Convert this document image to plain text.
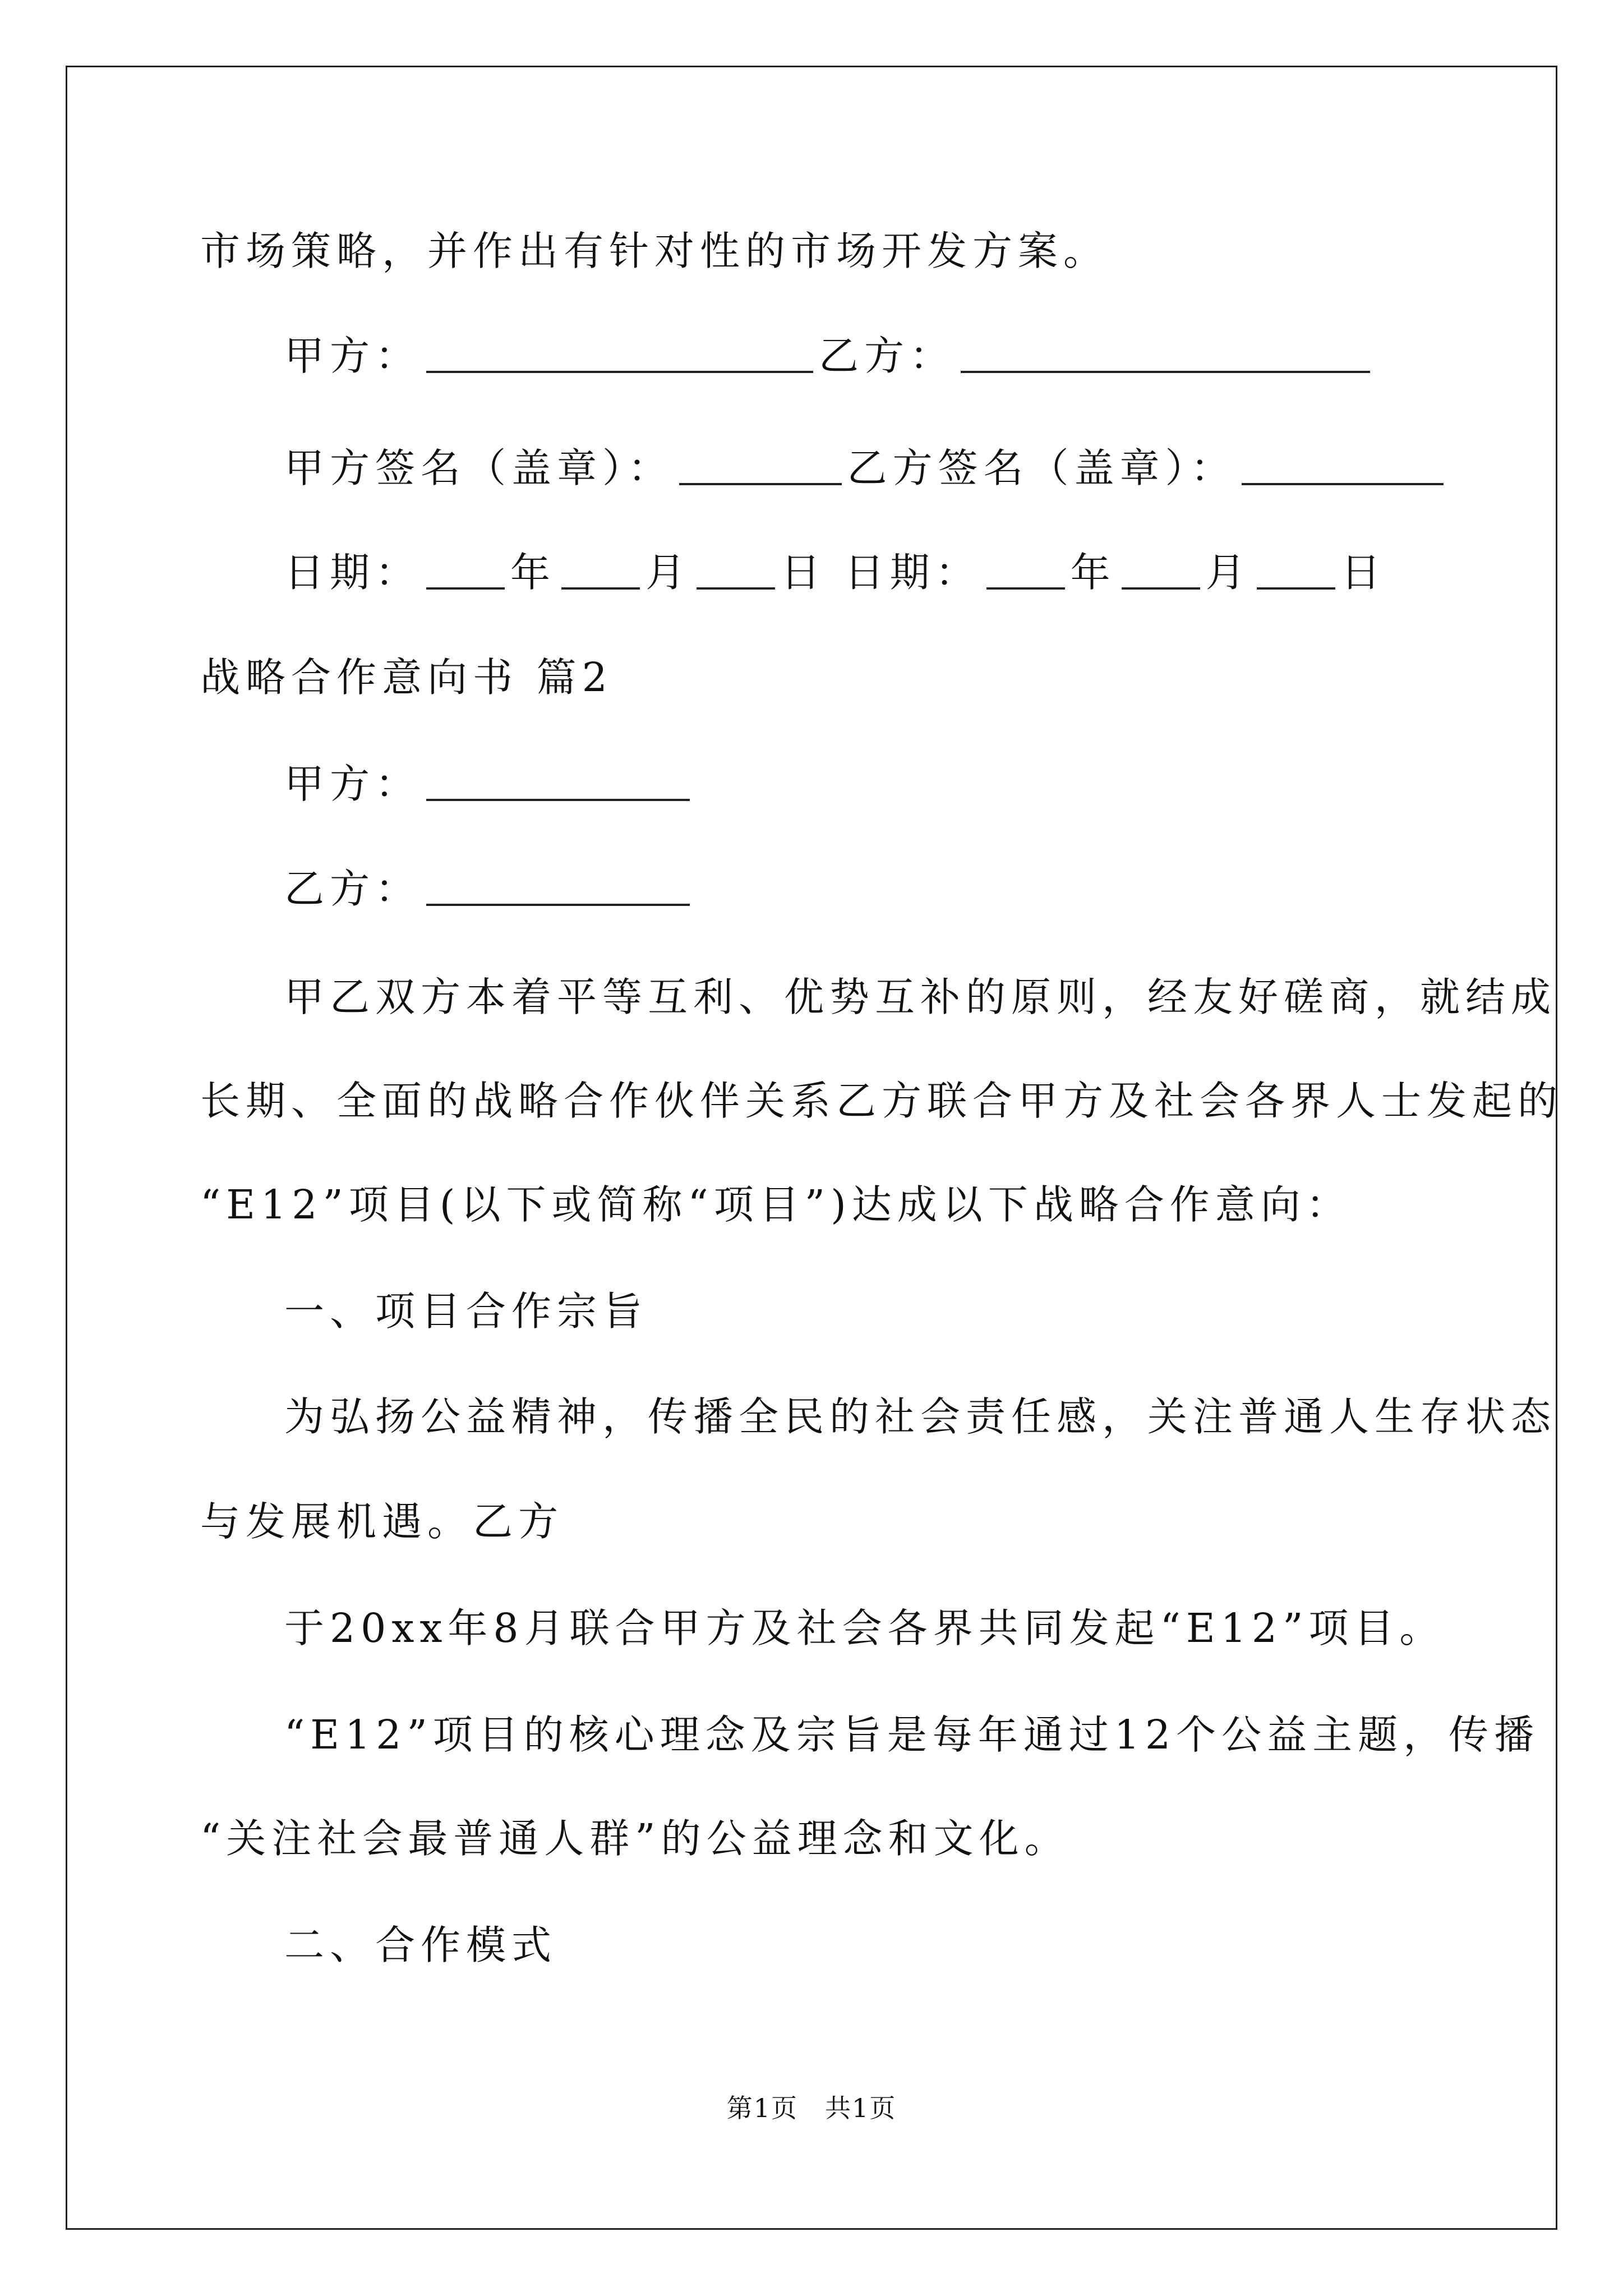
市场策略，并作出有针对性的市场开发方案。
甲方：	乙方：
甲方签名（盖章）：	乙方签名（盖章）：
日期： 年 月 日 日期： 年 月 日
战略合作意向书 篇2
甲方：
乙方：
甲乙双方本着平等互利、优势互补的原则，经友好磋商，就结成
长期、全面的战略合作伙伴关系乙方联合甲方及社会各界人士发起的
“E12”项目(以下或简称“项目”)达成以下战略合作意向：
一、项目合作宗旨
为弘扬公益精神，传播全民的社会责任感，关注普通人生存状态
与发展机遇。乙方
于20xx年8月联合甲方及社会各界共同发起“E12”项目。
“E12”项目的核心理念及宗旨是每年通过12个公益主题，传播
“关注社会最普通人群”的公益理念和文化。
二、合作模式
第1页　共1页
